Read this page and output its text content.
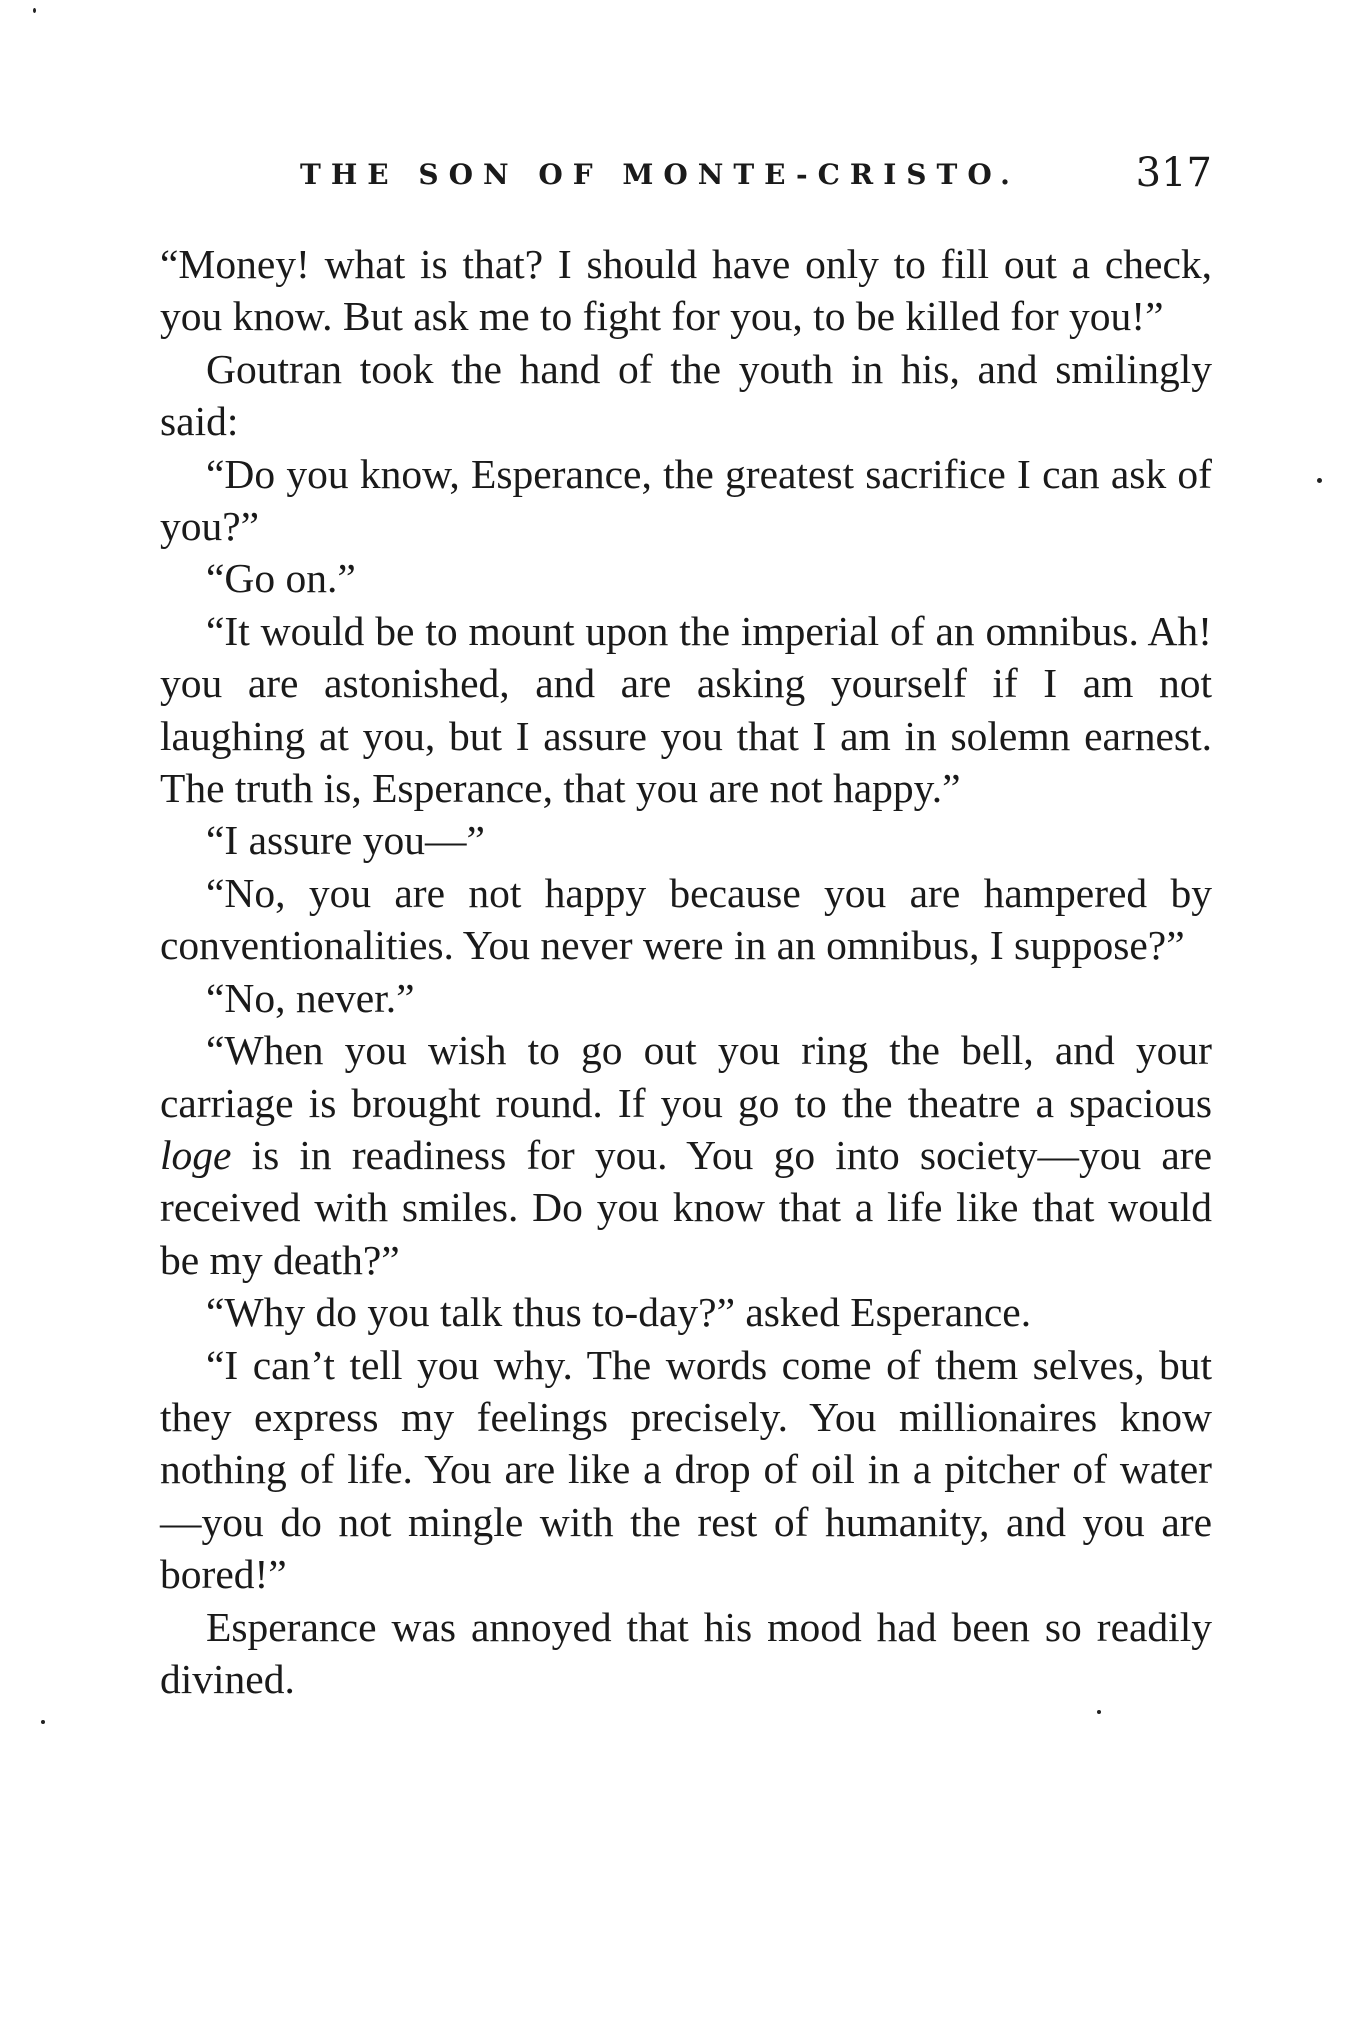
THE SON OF MONTE-CRISTO.	317

“Money! what is that? I should have only to fill out a check, you know. But ask me to fight for you, to be killed for you!”

Goutran took the hand of the youth in his, and smilingly said:

“Do you know, Esperance, the greatest sacrifice I can ask of you?”

“Go on.”

“It would be to mount upon the imperial of an omnibus. Ah! you are astonished, and are asking yourself if I am not laughing at you, but I assure you that I am in solemn earnest. The truth is, Esperance, that you are not happy.”

“I assure you—”

“No, you are not happy because you are hampered by conventionalities. You never were in an omnibus, I suppose?”

“No, never.”

“When you wish to go out you ring the bell, and your carriage is brought round. If you go to the theatre a spacious loge is in readiness for you. You go into society—you are received with smiles. Do you know that a life like that would be my death?”

“Why do you talk thus to-day?” asked Esperance.

“I can’t tell you why. The words come of them selves, but they express my feelings precisely. You millionaires know nothing of life. You are like a drop of oil in a pitcher of water—you do not mingle with the rest of humanity, and you are bored!”

Esperance was annoyed that his mood had been so readily divined.
